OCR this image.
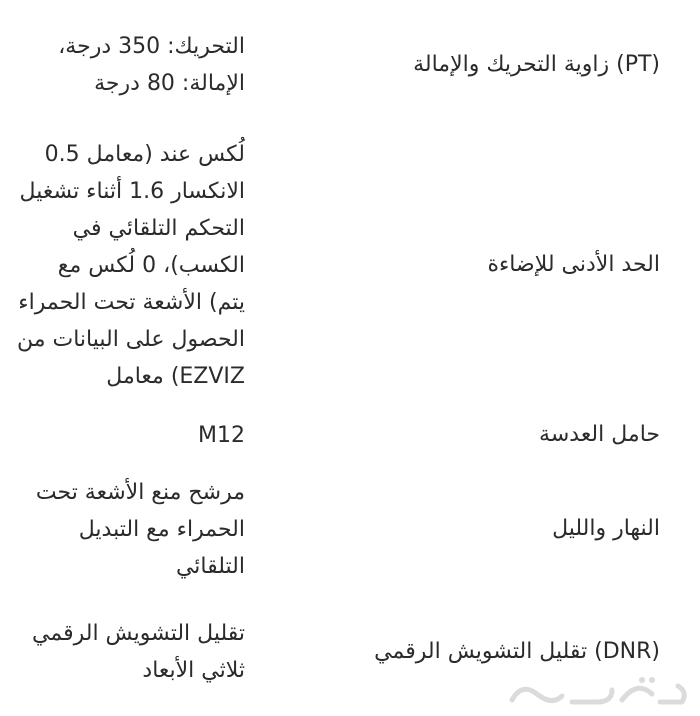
(PT) زاوية التحريك والإمالة
التحريك: 350 درجة،
الإمالة: 80 درجة
الحد الأدنى للإضاءة
لُكس عند (معامل 0.5
الانكسار 1.6 أثناء تشغيل
التحكم التلقائي في
الكسب)، 0 لُكس مع
يتم) الأشعة تحت الحمراء
الحصول على البيانات من
EZVIZ) معامل
حامل العدسة
M12
النهار والليل
مرشح منع الأشعة تحت
الحمراء مع التبديل
التلقائي
(DNR) تقليل التشويش الرقمي
تقليل التشويش الرقمي
ثلاثي الأبعاد
